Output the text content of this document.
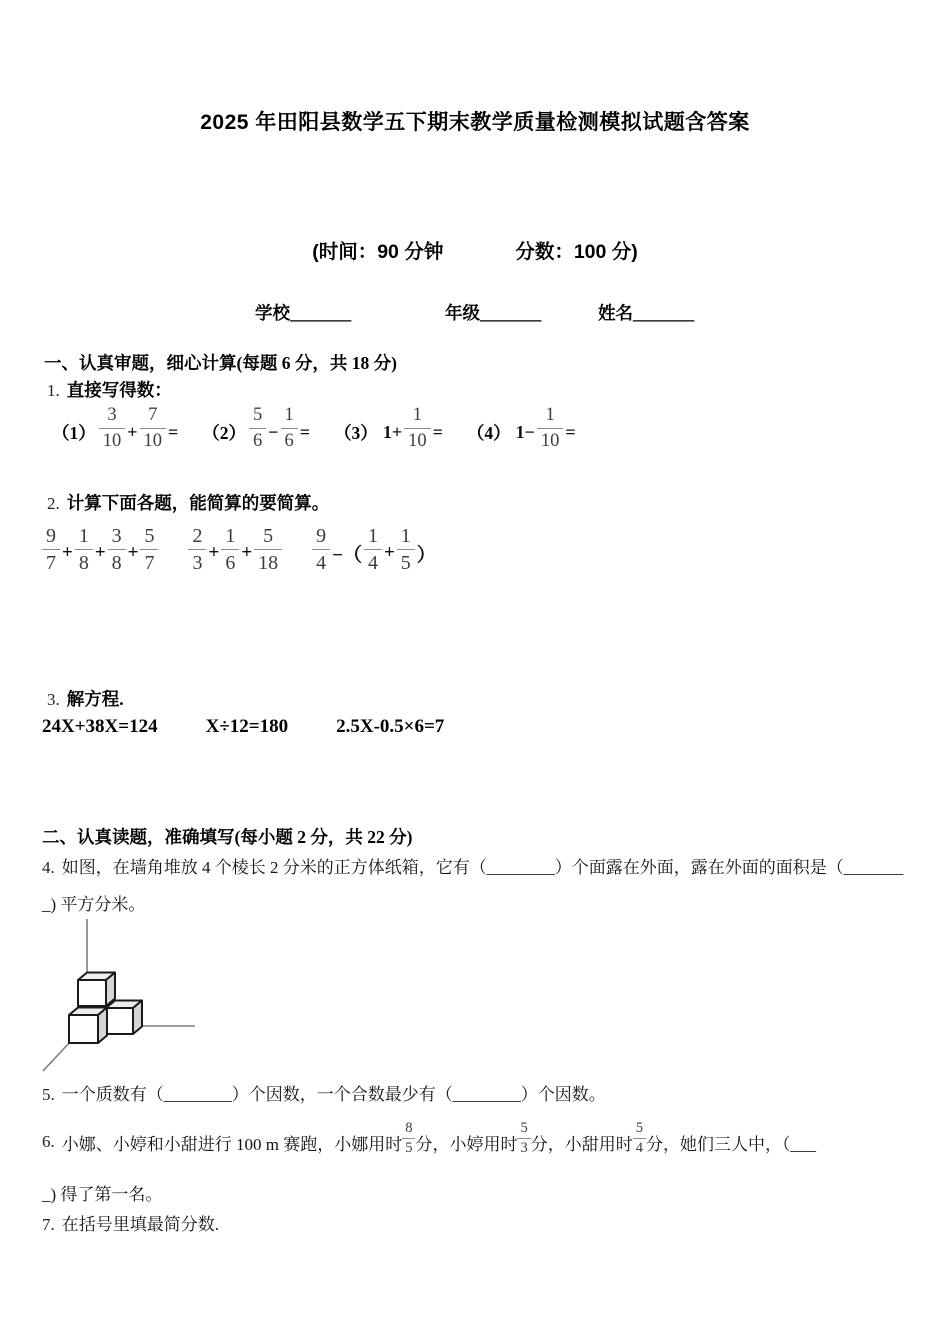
2025 年田阳县数学五下期末教学质量检测模拟试题含答案
(时间：90 分钟	分数：100 分)
学校_______	年级_______	姓名_______
一、认真审题，细心计算(每题 6 分，共 18 分)
1. 直接写得数：
$(1) \frac{3}{10} + \frac{7}{10} = (2) \frac{5}{6} - \frac{1}{6} = (3)$ $1+ \frac{1}{10} = (4)$ $1- \frac{1}{10}$ =
2. 计算下面各题，能简算的要简算。
$\frac{9}{7} + \frac{1}{8} + \frac{3}{8} + \frac{5}{7} \frac{2}{3} + \frac{1}{6} + \frac{5}{18} \frac{9}{4}$ −（ $\frac{1}{4} + \frac{1}{5}$ ）
3. 解方程.
24X+38X=124	X÷12=180	2.5X-0.5×6=7
二、认真读题，准确填写(每小题 2 分，共 22 分)
4. 如图，在墙角堆放 4 个棱长 2 分米的正方体纸箱，它有（________）个面露在外面，露在外面的面积是（_______
_) 平方分米。
5. 一个质数有（________）个因数，一个合数最少有（________）个因数。
6. 小娜、小婷和小甜进行 100 m 赛跑，小娜用时 $\frac{8}{5}$ 分，小婷用时 $\frac{5}{3}$ 分，小甜用时 $\frac{5}{4}$ 分，她们三人中，（___
_) 得了第一名。
7. 在括号里填最简分数.
